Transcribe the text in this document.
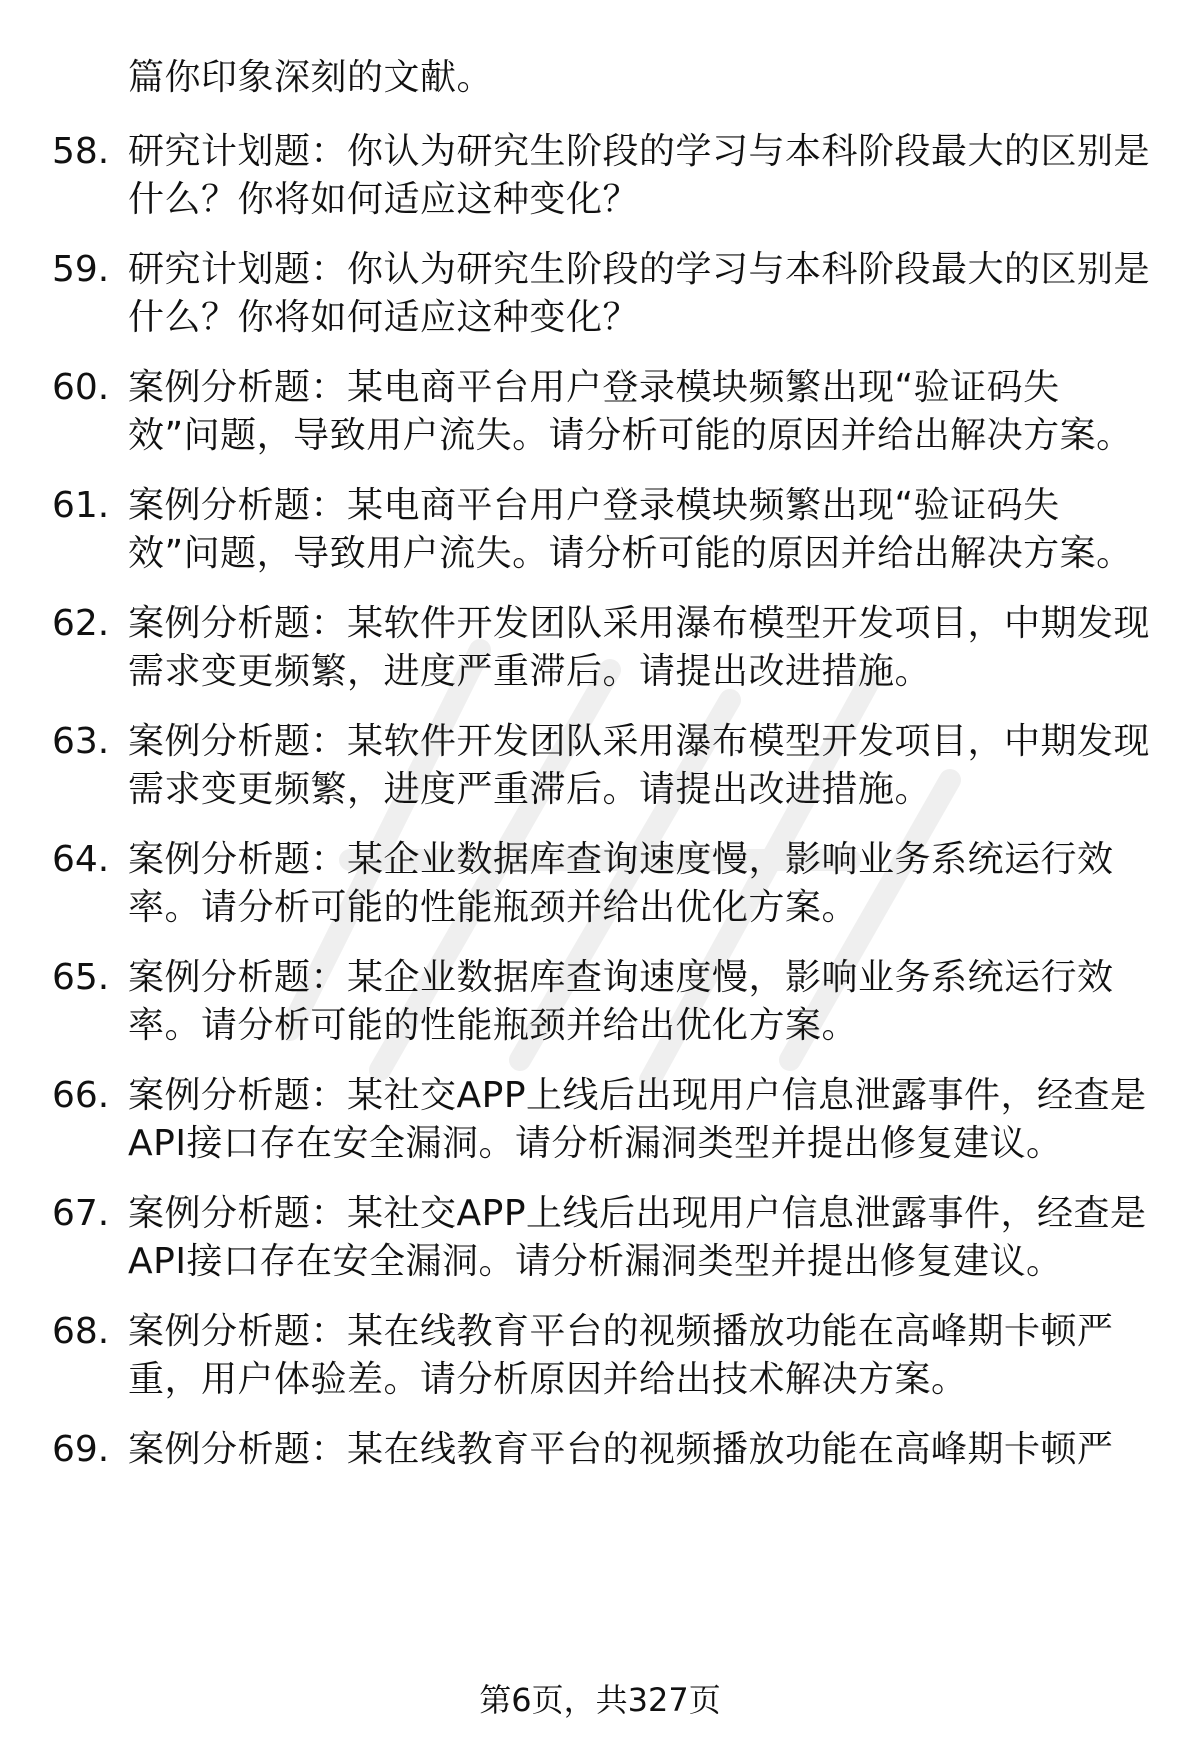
篇你印象深刻的文献。
58. 研究计划题：你认为研究生阶段的学习与本科阶段最大的区别是
什么？你将如何适应这种变化？
59. 研究计划题：你认为研究生阶段的学习与本科阶段最大的区别是
什么？你将如何适应这种变化？
60. 案例分析题：某电商平台用户登录模块频繁出现“验证码失
效”问题，导致用户流失。请分析可能的原因并给出解决方案。
61. 案例分析题：某电商平台用户登录模块频繁出现“验证码失
效”问题，导致用户流失。请分析可能的原因并给出解决方案。
62. 案例分析题：某软件开发团队采用瀑布模型开发项目，中期发现
需求变更频繁，进度严重滞后。请提出改进措施。
63. 案例分析题：某软件开发团队采用瀑布模型开发项目，中期发现
需求变更频繁，进度严重滞后。请提出改进措施。
64. 案例分析题：某企业数据库查询速度慢，影响业务系统运行效
率。请分析可能的性能瓶颈并给出优化方案。
65. 案例分析题：某企业数据库查询速度慢，影响业务系统运行效
率。请分析可能的性能瓶颈并给出优化方案。
66. 案例分析题：某社交APP上线后出现用户信息泄露事件，经查是
API接口存在安全漏洞。请分析漏洞类型并提出修复建议。
67. 案例分析题：某社交APP上线后出现用户信息泄露事件，经查是
API接口存在安全漏洞。请分析漏洞类型并提出修复建议。
68. 案例分析题：某在线教育平台的视频播放功能在高峰期卡顿严
重，用户体验差。请分析原因并给出技术解决方案。
69. 案例分析题：某在线教育平台的视频播放功能在高峰期卡顿严
第6页，共327页
